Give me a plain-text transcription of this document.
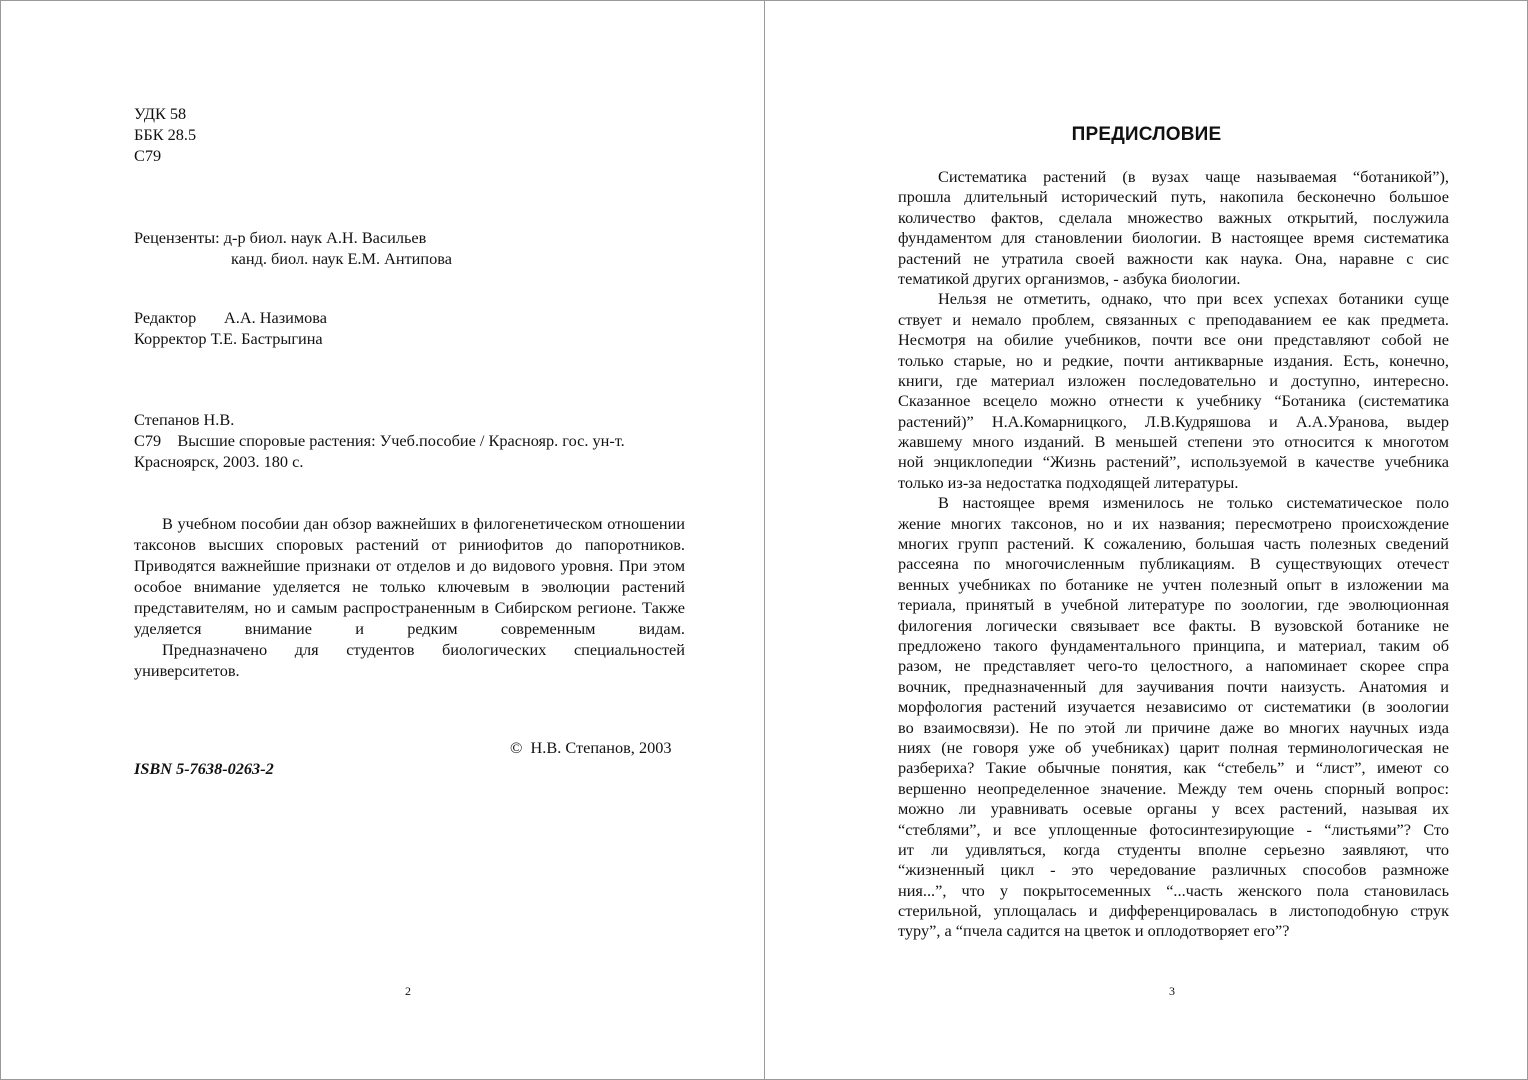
УДК 58
ББК 28.5
С79
Рецензенты: д-р биол. наук А.Н. Васильев
канд. биол. наук Е.М. Антипова
Редактор А.А. Назимова
Корректор Т.Е. Бастрыгина
Степанов Н.В.
С79    Высшие споровые растения: Учеб.пособие / Краснояр. гос. ун-т.
Красноярск, 2003. 180 с.

В учебном пособии дан обзор важнейших в филогенетическом отношении таксонов высших споровых растений от риниофитов до папоротников. Приводятся важнейшие признаки от отделов и до видового уровня. При этом особое внимание уделяется не только ключевым в эволюции растений представителям, но и самым распространенным в Сибирском регионе. Также уделяется внимание и редким современным видам.

Предназначено для студентов биологических специальностей университетов.

©  Н.В. Степанов, 2003
ISBN 5-7638-0263-2
2
ПРЕДИСЛОВИЕ
Систематика растений (в вузах чаще называемая “ботаникой”),
прошла длительный исторический путь, накопила бесконечно большое
количество фактов, сделала множество важных открытий, послужила
фундаментом для становлении биологии. В настоящее время систематика
растений не утратила своей важности как наука. Она, наравне с сис
тематикой других организмов, - азбука биологии.
Нельзя не отметить, однако, что при всех успехах ботаники суще
ствует и немало проблем, связанных с преподаванием ее как предмета.
Несмотря на обилие учебников, почти все они представляют собой не
только старые, но и редкие, почти антикварные издания. Есть, конечно,
книги, где материал изложен последовательно и доступно, интересно.
Сказанное всецело можно отнести к учебнику “Ботаника (систематика
растений)” Н.А.Комарницкого, Л.В.Кудряшова и А.А.Уранова, выдер
жавшему много изданий. В меньшей степени это относится к многотом
ной энциклопедии “Жизнь растений”, используемой в качестве учебника
только из-за недостатка подходящей литературы.
В настоящее время изменилось не только систематическое поло
жение многих таксонов, но и их названия; пересмотрено происхождение
многих групп растений. К сожалению, большая часть полезных сведений
рассеяна по многочисленным публикациям. В существующих отечест
венных учебниках по ботанике не учтен полезный опыт в изложении ма
териала, принятый в учебной литературе по зоологии, где эволюционная
филогения логически связывает все факты. В вузовской ботанике не
предложено такого фундаментального принципа, и материал, таким об
разом, не представляет чего-то целостного, а напоминает скорее спра
вочник, предназначенный для заучивания почти наизусть. Анатомия и
морфология растений изучается независимо от систематики (в зоологии
во взаимосвязи). Не по этой ли причине даже во многих научных изда
ниях (не говоря уже об учебниках) царит полная терминологическая не
разбериха? Такие обычные понятия, как “стебель” и “лист”, имеют со
вершенно неопределенное значение. Между тем очень спорный вопрос:
можно ли уравнивать осевые органы у всех растений, называя их
“стеблями”, и все уплощенные фотосинтезирующие - “листьями”? Сто
ит ли удивляться, когда студенты вполне серьезно заявляют, что
“жизненный цикл - это чередование различных способов размноже
ния...”, что у покрытосеменных “...часть женского пола становилась
стерильной, уплощалась и дифференцировалась в листоподобную струк
туру”, а “пчела садится на цветок и оплодотворяет его”?
3
